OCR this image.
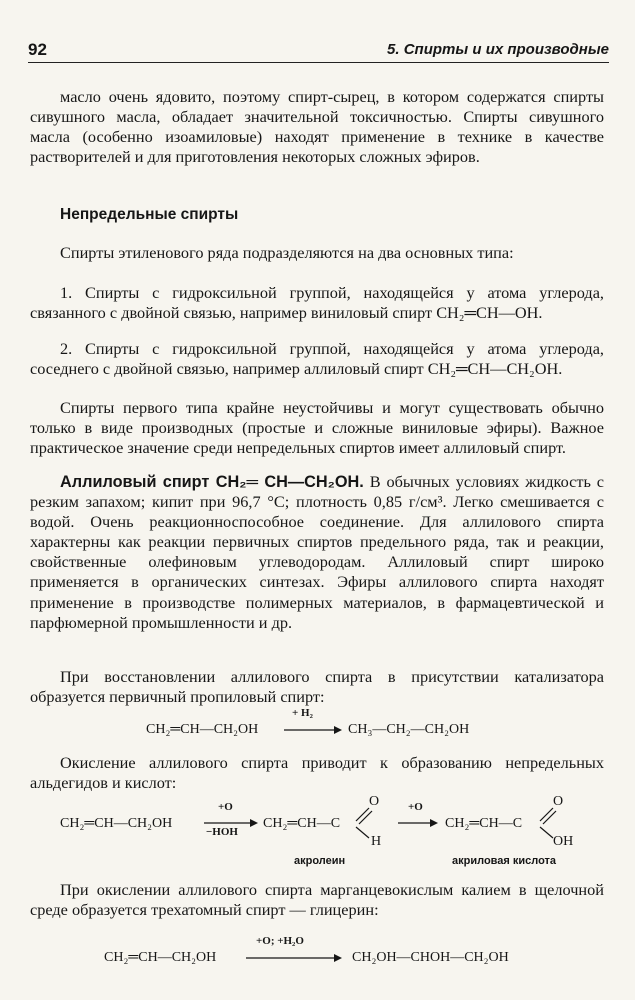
92	5. Спирты и их производные

масло очень ядовито, поэтому спирт-сырец, в котором содержатся спирты сивушного масла, обладает значительной токсичностью. Спирты сивушного масла (особенно изоамиловые) находят применение в технике в качестве растворителей и для приготовления некоторых сложных эфиров.

Непредельные спирты

Спирты этиленового ряда подразделяются на два основных типа:

1. Спирты с гидроксильной группой, находящейся у атома углерода, связанного с двойной связью, например виниловый спирт CH₂═CH—OH.

2. Спирты с гидроксильной группой, находящейся у атома углерода, соседнего с двойной связью, например аллиловый спирт CH₂═CH—CH₂OH.

Спирты первого типа крайне неустойчивы и могут существовать обычно только в виде производных (простые и сложные виниловые эфиры). Важное практическое значение среди непредельных спиртов имеет аллиловый спирт.

Аллиловый спирт CH₂═ CH—CH₂OH. В обычных условиях жидкость с резким запахом; кипит при 96,7 °С; плотность 0,85 г/см³. Легко смешивается с водой. Очень реакционноспособное соединение. Для аллилового спирта характерны как реакции первичных спиртов предельного ряда, так и реакции, свойственные олефиновым углеводородам. Аллиловый спирт широко применяется в органических синтезах. Эфиры аллилового спирта находят применение в производстве полимерных материалов, в фармацевтической и парфюмерной промышленности и др.

При восстановлении аллилового спирта в присутствии катализатора образуется первичный пропиловый спирт:

CH₂═CH—CH₂OH
+ H₂
CH₃—CH₂—CH₂OH

Окисление аллилового спирта приводит к образованию непредельных альдегидов и кислот:

CH₂═CH—CH₂OH
+O
−HOH
CH₂═CH—C
O
H
+O
CH₂═CH—C
O
OH
акролеин	акриловая кислота

При окислении аллилового спирта марганцевокислым калием в щелочной среде образуется трехатомный спирт — глицерин:

CH₂═CH—CH₂OH
+O; +H₂O
CH₂OH—CHOH—CH₂OH
